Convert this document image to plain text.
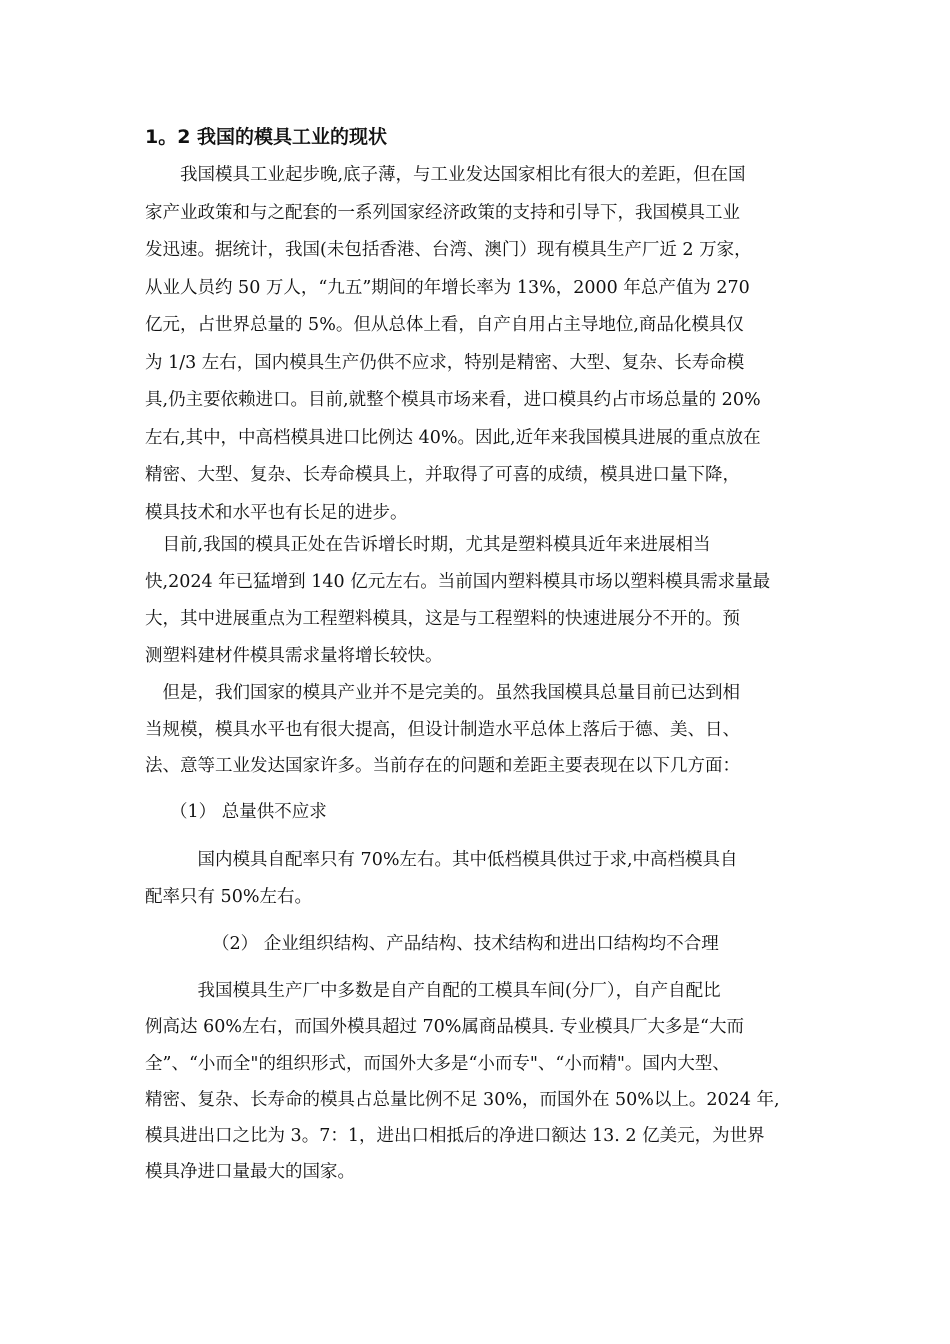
1。2 我国的模具工业的现状
　　我国模具工业起步晚,底子薄，与工业发达国家相比有很大的差距，但在国
家产业政策和与之配套的一系列国家经济政策的支持和引导下，我国模具工业
发迅速。据统计，我国(未包括香港、台湾、澳门）现有模具生产厂近 2 万家，
从业人员约 50 万人，“九五”期间的年增长率为 13%，2000 年总产值为 270
亿元，占世界总量的 5%。但从总体上看，自产自用占主导地位,商品化模具仅
为 1/3 左右，国内模具生产仍供不应求，特别是精密、大型、复杂、长寿命模
具,仍主要依赖进口。目前,就整个模具市场来看，进口模具约占市场总量的 20%
左右,其中，中高档模具进口比例达 40%。因此,近年来我国模具进展的重点放在
精密、大型、复杂、长寿命模具上，并取得了可喜的成绩，模具进口量下降，
模具技术和水平也有长足的进步。
　目前,我国的模具正处在告诉增长时期，尤其是塑料模具近年来进展相当
快,2024 年已猛增到 140 亿元左右。当前国内塑料模具市场以塑料模具需求量最
大，其中进展重点为工程塑料模具，这是与工程塑料的快速进展分不开的。预
测塑料建材件模具需求量将增长较快。
　但是，我们国家的模具产业并不是完美的。虽然我国模具总量目前已达到相
当规模，模具水平也有很大提高，但设计制造水平总体上落后于德、美、日、
法、意等工业发达国家许多。当前存在的问题和差距主要表现在以下几方面：
（1） 总量供不应求
　　　国内模具自配率只有 70%左右。其中低档模具供过于求,中高档模具自
配率只有 50%左右。
（2） 企业组织结构、产品结构、技术结构和进出口结构均不合理
　　　我国模具生产厂中多数是自产自配的工模具车间(分厂），自产自配比
例高达 60%左右，而国外模具超过 70%属商品模具. 专业模具厂大多是“大而
全”、“小而全"的组织形式，而国外大多是“小而专"、“小而精"。国内大型、
精密、复杂、长寿命的模具占总量比例不足 30%，而国外在 50%以上。2024 年,
模具进出口之比为 3。7：1，进出口相抵后的净进口额达 13. 2 亿美元，为世界
模具净进口量最大的国家。
